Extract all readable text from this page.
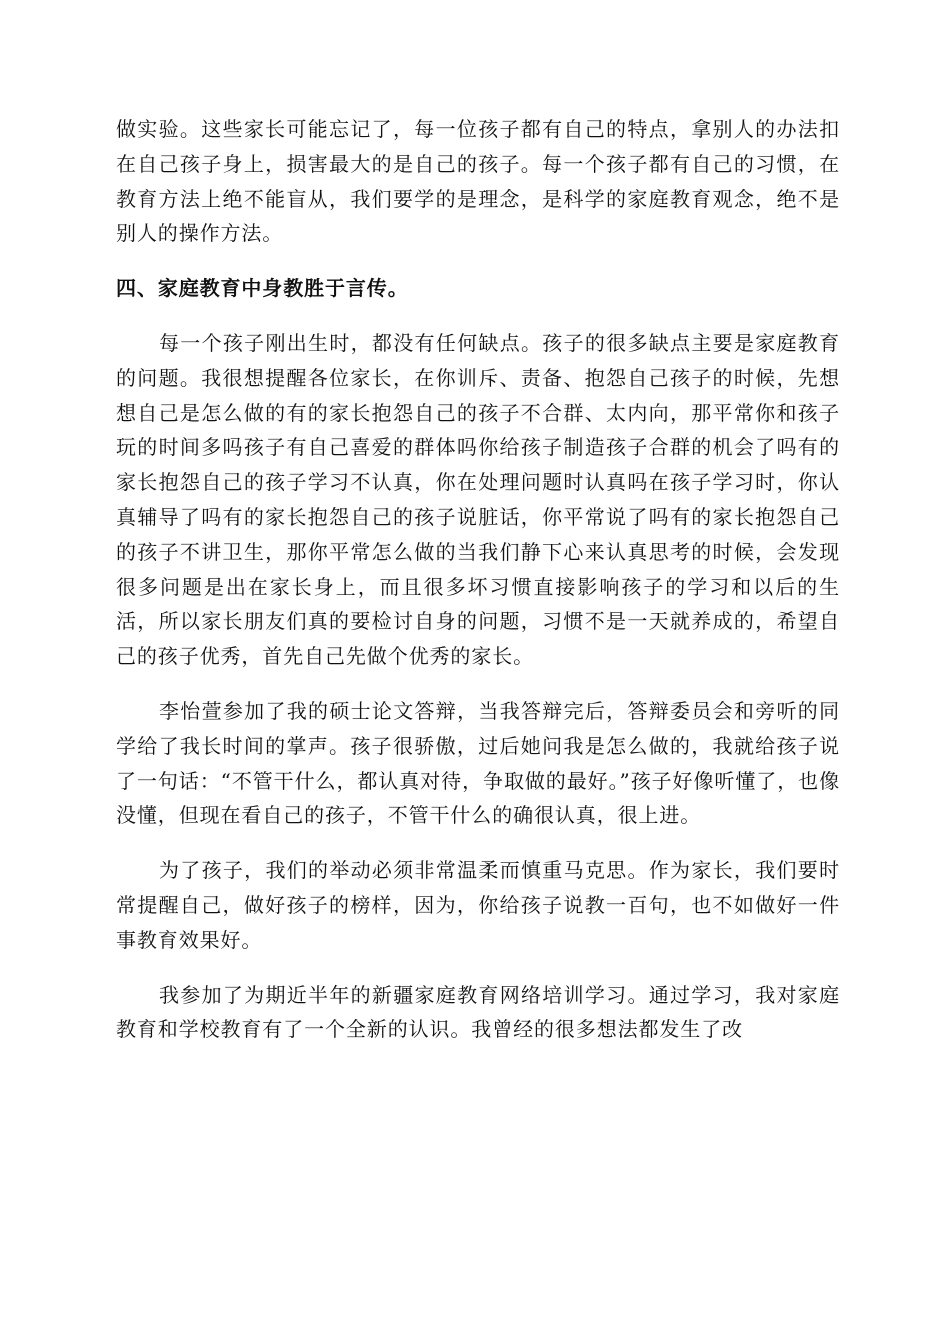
做实验。这些家长可能忘记了，每一位孩子都有自己的特点，拿别人的办法扣在自己孩子身上，损害最大的是自己的孩子。每一个孩子都有自己的习惯，在教育方法上绝不能盲从，我们要学的是理念，是科学的家庭教育观念，绝不是别人的操作方法。

四、家庭教育中身教胜于言传。

每一个孩子刚出生时，都没有任何缺点。孩子的很多缺点主要是家庭教育的问题。我很想提醒各位家长，在你训斥、责备、抱怨自己孩子的时候，先想想自己是怎么做的有的家长抱怨自己的孩子不合群、太内向，那平常你和孩子玩的时间多吗孩子有自己喜爱的群体吗你给孩子制造孩子合群的机会了吗有的家长抱怨自己的孩子学习不认真，你在处理问题时认真吗在孩子学习时，你认真辅导了吗有的家长抱怨自己的孩子说脏话，你平常说了吗有的家长抱怨自己的孩子不讲卫生，那你平常怎么做的当我们静下心来认真思考的时候，会发现很多问题是出在家长身上，而且很多坏习惯直接影响孩子的学习和以后的生活，所以家长朋友们真的要检讨自身的问题，习惯不是一天就养成的，希望自己的孩子优秀，首先自己先做个优秀的家长。

李怡萱参加了我的硕士论文答辩，当我答辩完后，答辩委员会和旁听的同学给了我长时间的掌声。孩子很骄傲，过后她问我是怎么做的，我就给孩子说了一句话：“不管干什么，都认真对待，争取做的最好。”孩子好像听懂了，也像没懂，但现在看自己的孩子，不管干什么的确很认真，很上进。

为了孩子，我们的举动必须非常温柔而慎重马克思。作为家长，我们要时常提醒自己，做好孩子的榜样，因为，你给孩子说教一百句，也不如做好一件事教育效果好。

我参加了为期近半年的新疆家庭教育网络培训学习。通过学习，我对家庭教育和学校教育有了一个全新的认识。我曾经的很多想法都发生了改
